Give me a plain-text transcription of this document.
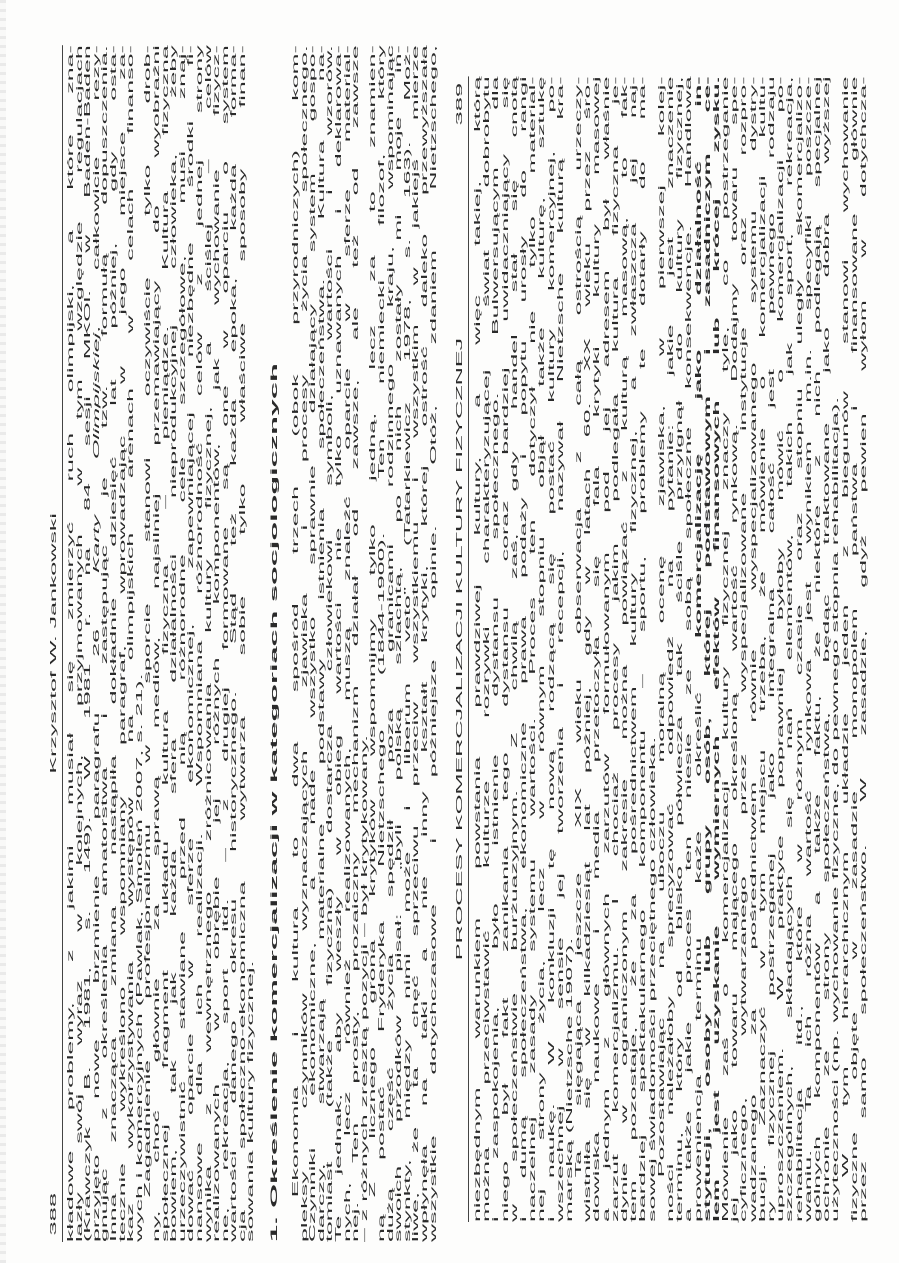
388
Krzysztof W. Jankowski	kładowe problemy, z jakimi musiał się zmierzyć ruch olimpijski, a które zna- lazły swój wyraz w kolejnych, przyjmowanych w tym względzie regulacjach (Krawczyk B. 1981, s. 149). W 1981 r. na 84 sesji MKOl. w Baden-Baden przyjęto nowe brzmienie paragrafu 26 Karty Olimpijskiej, całkowicie rezy- gnując z określenia amatorstwa i zastępując je tzw. formułą dopuszczenia. Inna znacząca zmiana nastąpiła dokładnie dziesięć lat później, gdy osta- tecznie wykreślono wspomniany paragraf, wprowadzając w jego miejsce za- kaz wykorzystywania występów na olimpijskich arenach w celach finanso- wych i komercyjnych (Pawlak, Smoleń 2007, s. 21). Zagadnienie profesjonalizmu w sporcie stanowi oczywiście tylko drob- ny, choć głównie za sprawą mediów, najsilniej przemawiający do wyobraźni społecznej fragment układu kultura fizyczna – pieniądze. Kultura fizyczna bowiem, tak jak każda sfera działalności nieprodukcyjnej człowieka, żeby urzeczywistnić stawiane przed nią różnorodne cele szczegółowe, musi znaj- dować oparcie w sferze ekonomicznej, zapewniającej niezbędne środki fi- nansowe dla ich realizacji. Wspomniana różnorodność celów z jednej strony wynika z wewnętrznego zróżnicowania kultury fizycznej, a ściślej – celów realizowanych w obrębie jej różnych komponentów, jak wychowanie fizycz- ne, rekreacja, sport itd. – z drugiej formowane są one w oparciu o system wartości danego okresu historycznego. Stąd też każda epoka, każda forma- cja społeczno-ekonomiczna wytwarza sobie tylko właściwe sposoby finan- sowania kultury fizycznej. 1. Określenie komercjalizacji w kategoriach socjologicznych Ekonomia i kultura to dwa spośród trzech (obok przyrodniczych) kom- pleksy czynników wyznaczających zjawiska i procesy życia społecznego. Czynniki ekonomiczne, a nade wszystko sprawnie działający system gospo- darczy, stwarzają materialne podstawy istnienia społeczeństwa. Kultura na- tomiast (także fizyczna) dostarcza człowiekowi symboli, wartości i wzorów. Te jednak, aby weszły w obieg wartości nie tylko uznawanych i deklarowa- nych, lecz również realizowanych, muszą znaleźć oparcie w sferze material- nej. Ten prosty, prozaiczny mechanizm działał od zawsze, ale też od zawsze – z różnych zresztą pozycji – był krytykowany. Z licznego grona krytyków wspomnijmy tylko jedną, lecz za to znamien- ną postać Fryderyka Nietzschego (1844-1900). Ten niemiecki filozof, który dużą część życia spędził poza granicami rodzinnego kraju, wspominając swoich przodków pisał: „byli polską szlachtą, po nich zostały mi moje in- stynkty, między nimi może i liberum veto” (Tatarkiewicz 1978, s. 163). Moż- liwe, że ta chęć sprzeciwu przeciw wszystkiemu i wszystkim w jakiejś mierze wpłynęła na taki a nie inny kształt krytyki, której ostrość daleko przewyższała wszystkie dotychczasowe i późniejsze opinie. Otóż, zdaniem Nietzschego,	PROCESY KOMERCJALIZACJI KULTURY FIZYCZNEJ
389	niezbędnym warunkiem powstania prawdziwej kultury, a więc takiej, którą można przeciwstawić kulturze rozrywki charakteryzującej świat dobrobytu i zaspokojenia, było istnienie dystansu społecznego. Bulwersującym dla niego był fakt zanikania tego dystansu coraz bardziej uwidaczniający się w społeczeństwie burżuazyjnym. Z chwilą zaś, gdy handel stał się cnotą i dumą społeczeństwa, ekonomiczne prawa podaży i popytu urosły do rangi naczelnej zasady systemu wartości. Proces ten dotyczył nie tylko material- nej strony życia, lecz w równym stopniu objął także kulturę, sztukę i naukę. W konkluzji tę nową rodzącą się postać kultury komercyjnej, po- wszechnej w sensie jej tworzenia i recepcji, nazywał Nietzsche kulturą kra- marską (Nietzsche 1907). Ta sięgająca jeszcze XIX wieku obserwacja z całą ostrością urzeczy- wistniła się w kilkadziesiąt lat później, gdy w latach 60. XX wieku przez śro- dowiska naukowe i media przetoczyła się fala krytyki kultury masowej a jednym z głównych zarzutów formułowanym pod jej adresem był właśnie zarzut komercjalizmu. I chociaż procesy jakim podlegała kultura fizyczna je- dynie w ograniczonym zakresie można powiązać z kulturą masową, to fak- tem pozostaje, że za pośrednictwem kultury fizycznej, a zwłaszcza jej naj- bardziej spektakularnego komponentu – sportu, problemy te dotarły do ma- sowej świadomości przeciętnego człowieka. Pozostawiając na uboczu moralną ocenę zjawiska, w pierwszej kolej- ności należałoby sprecyzować odpowiedź na pytanie: jakie jest znaczenie terminu, który od blisko półwiecza tak ściśle przylgnął do kultury fizycznej, a także jakie proces ten niesie ze sobą społeczne konsekwencje. Handlowa proweniencja terminu każe określić komercjalizację jako działalność in- stytucji, osoby lub grupy osób, której podstawowym i zasadniczym ce- lem jest uzyskanie wymiernych efektów finansowych lub krócej zysku. Mówienie zaś o komercjalizacji kultury fizycznej znaczy tyle, co postrzeganie jej jako towaru mającego określoną wartość rynkową. Dodajmy towaru spe- cyficznego, wytwarzanego przez wyspecjalizowane instytucje oraz rozpro- wadzanego za pośrednictwem równie wyspecjalizowanego systemu dystry- bucji. Zaznaczyć w tym miejscu trzeba, że mówienie o komercjalizacji kultu- ry fizycznej postrzeganej jako integralna całość jest pewnego rodzaju uproszczeniem. W praktyce poprawniej byłoby mówić o komercjalizacji po- szczególnych, składających się nań elementów, takich jak sport, rekreacja, rehabilitacja itd., które w różnym czasie oraz stopniu uległy skomercjalizo- waniu. Ta ich różna wartość rynkowa jest wynikiem m.in. specyfiki poszcze- gólnych komponentów a także faktu, że niektóre z nich podlegają specjalnej ochronie ze strony społeczeństwa, będąc traktowane jako dobra wyższej użyteczności (np. wychowanie fizyczne, do pewnego stopnia rehabilitacja). W tym hierarchicznym układzie jeden z biegunów stanowi wychowanie fizyczne objęte w zasadzie monopolem państwa i finansowane głównie przez samo społeczeństwo. W zasadzie, gdyż pewien wyłom w dotychcza-
